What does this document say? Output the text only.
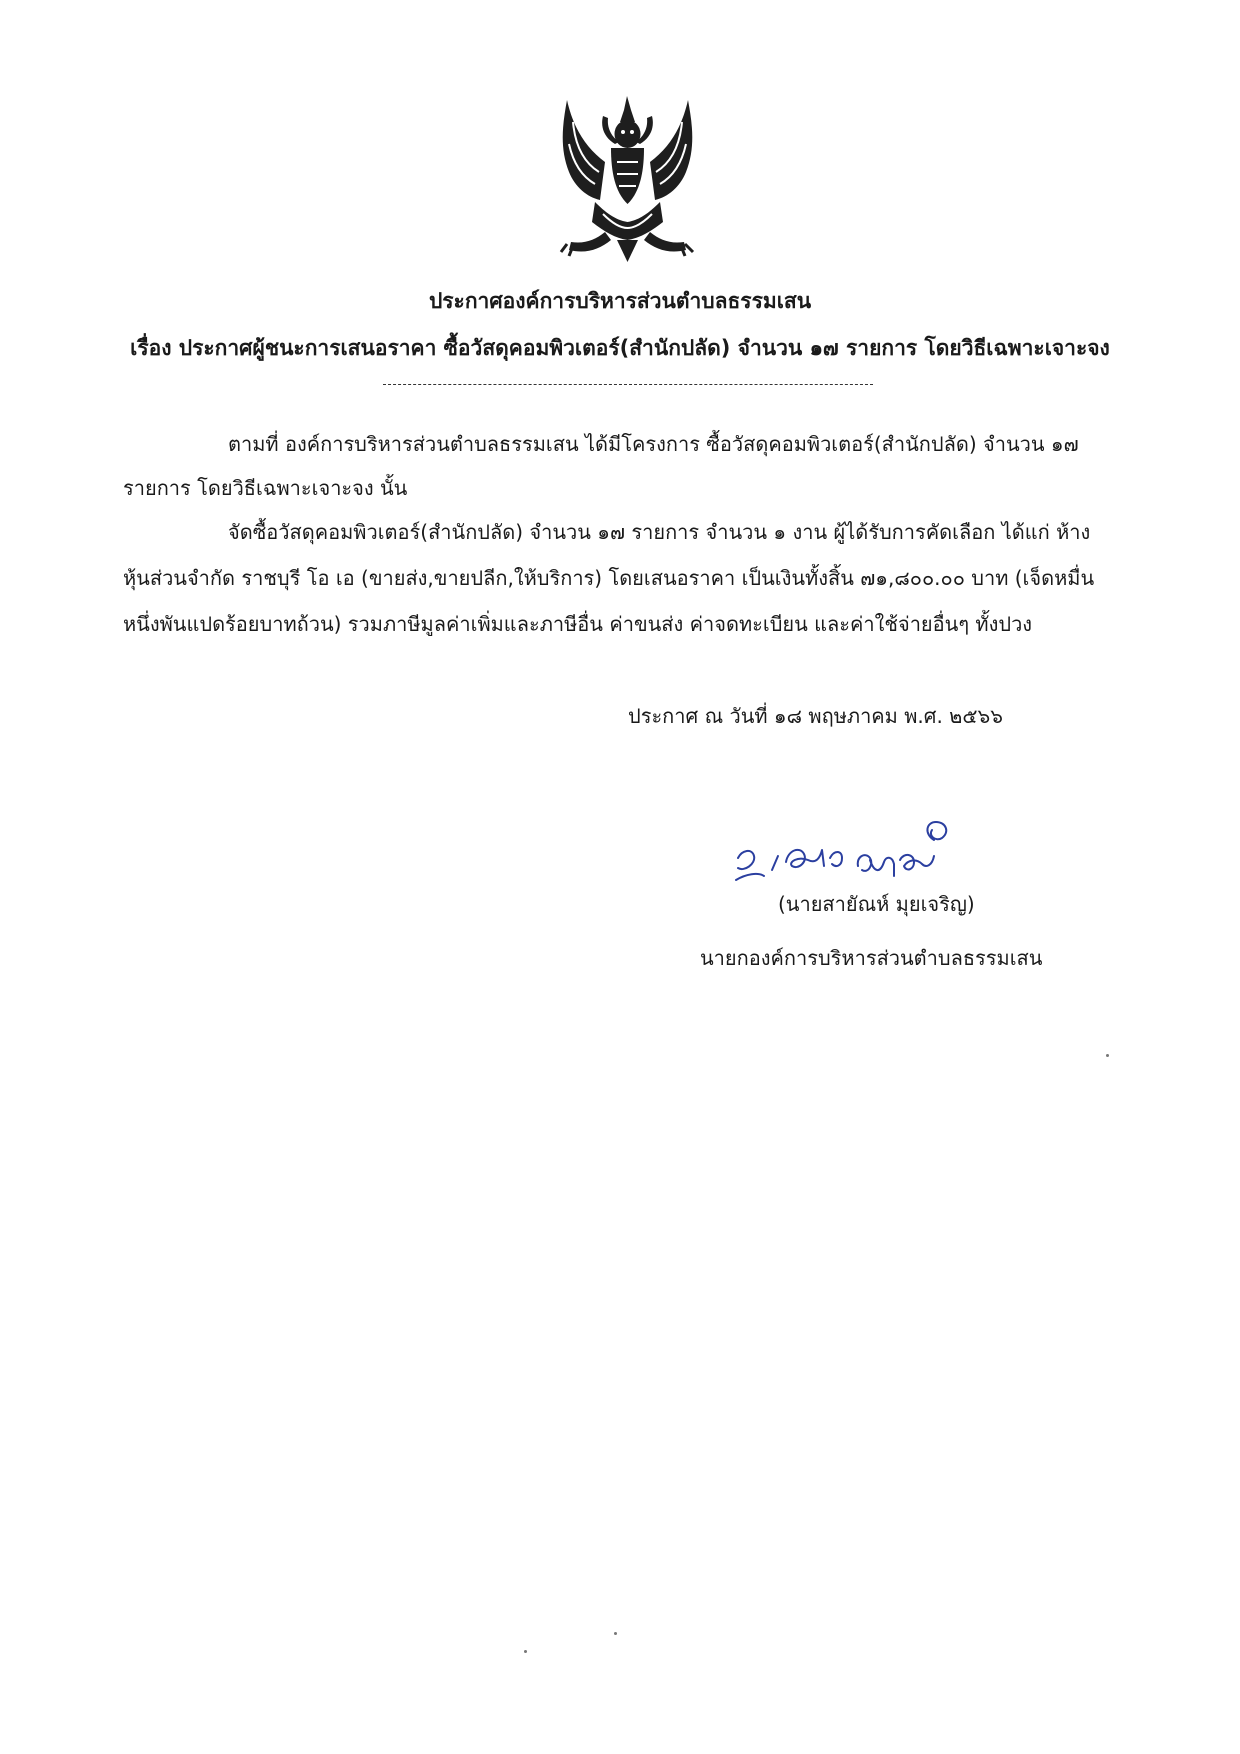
ประกาศองค์การบริหารส่วนตำบลธรรมเสน
เรื่อง ประกาศผู้ชนะการเสนอราคา ซื้อวัสดุคอมพิวเตอร์(สำนักปลัด) จำนวน ๑๗ รายการ โดยวิธีเฉพาะเจาะจง
ตามที่ องค์การบริหารส่วนตำบลธรรมเสน ได้มีโครงการ ซื้อวัสดุคอมพิวเตอร์(สำนักปลัด) จำนวน ๑๗
รายการ โดยวิธีเฉพาะเจาะจง นั้น
จัดซื้อวัสดุคอมพิวเตอร์(สำนักปลัด) จำนวน ๑๗ รายการ จำนวน ๑ งาน ผู้ได้รับการคัดเลือก ได้แก่ ห้าง
หุ้นส่วนจำกัด ราชบุรี โอ เอ (ขายส่ง,ขายปลีก,ให้บริการ) โดยเสนอราคา เป็นเงินทั้งสิ้น ๗๑,๘๐๐.๐๐ บาท (เจ็ดหมื่น
หนึ่งพันแปดร้อยบาทถ้วน) รวมภาษีมูลค่าเพิ่มและภาษีอื่น ค่าขนส่ง ค่าจดทะเบียน และค่าใช้จ่ายอื่นๆ ทั้งปวง
ประกาศ ณ วันที่ ๑๘ พฤษภาคม พ.ศ. ๒๕๖๖
(นายสายัณห์ มุยเจริญ)
นายกองค์การบริหารส่วนตำบลธรรมเสน
